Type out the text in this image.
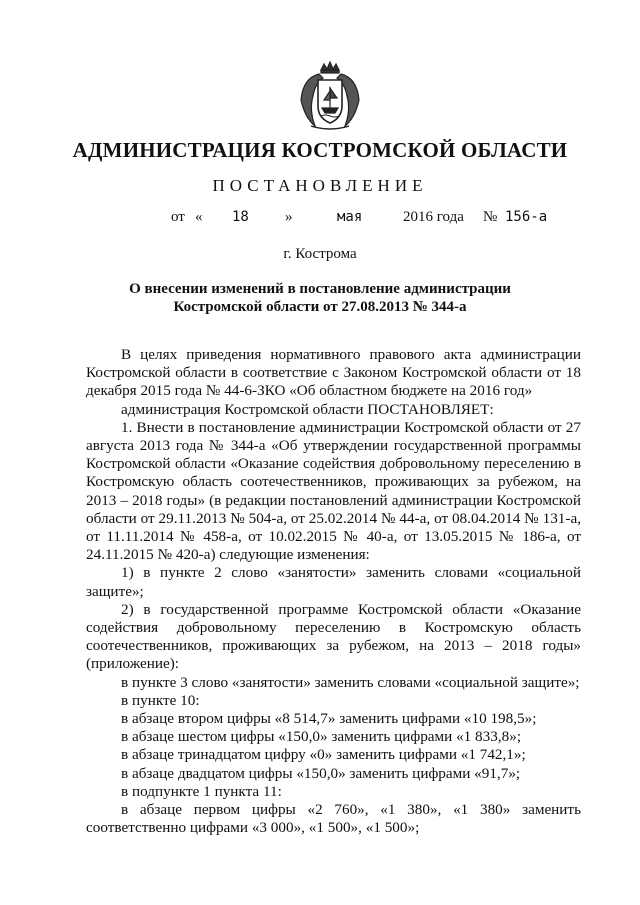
АДМИНИСТРАЦИЯ КОСТРОМСКОЙ ОБЛАСТИ
ПОСТАНОВЛЕНИЕ
от « 18 »	мая	2016 года № 156-а
г. Кострома
О внесении изменений в постановление администрации
Костромской области от 27.08.2013 № 344-а

В целях приведения нормативного правового акта администрации Костромской области в соответствие с Законом Костромской области от 18 декабря 2015 года № 44-6-ЗКО «Об областном бюджете на 2016 год»

администрация Костромской области ПОСТАНОВЛЯЕТ:

1. Внести в постановление администрации Костромской области от 27 августа 2013 года № 344-а «Об утверждении государственной программы Костромской области «Оказание содействия добровольному переселению в Костромскую область соотечественников, проживающих за рубежом, на 2013 – 2018 годы» (в редакции постановлений администрации Костромской области от 29.11.2013 № 504-а, от 25.02.2014 № 44-а, от 08.04.2014 № 131-а, от 11.11.2014 № 458-а, от 10.02.2015 № 40-а, от 13.05.2015 № 186-а, от 24.11.2015 № 420-а) следующие изменения:

1) в пункте 2 слово «занятости» заменить словами «социальной защите»;

2) в государственной программе Костромской области «Оказание содействия добровольному переселению в Костромскую область соотечественников, проживающих за рубежом, на 2013 – 2018 годы» (приложение):

в пункте 3 слово «занятости» заменить словами «социальной защите»;

в пункте 10:

в абзаце втором цифры «8 514,7» заменить цифрами «10 198,5»;

в абзаце шестом цифры «150,0» заменить цифрами «1 833,8»;

в абзаце тринадцатом цифру «0» заменить цифрами «1 742,1»;

в абзаце двадцатом цифры «150,0» заменить цифрами «91,7»;

в подпункте 1 пункта 11:

в абзаце первом цифры «2 760», «1 380», «1 380» заменить соответственно цифрами «3 000», «1 500», «1 500»;
